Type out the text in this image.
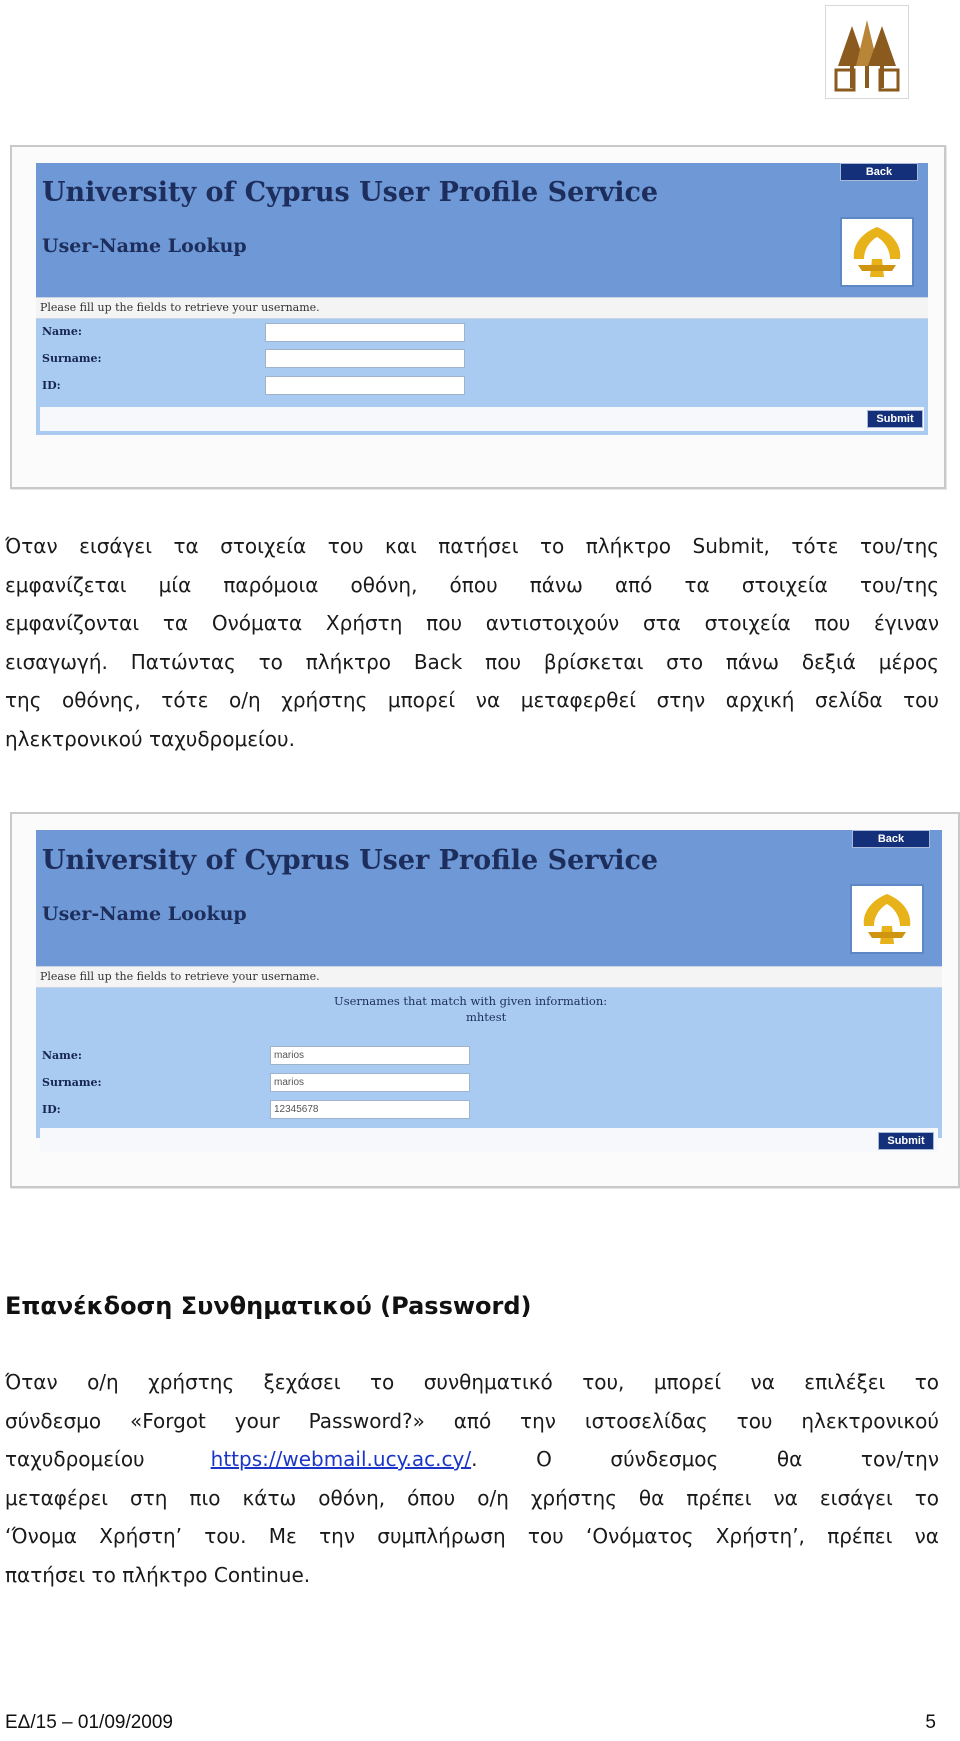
University of Cyprus User Profile Service
User-Name Lookup
Back
Please fill up the fields to retrieve your username.
Name:
Surname:
ID:
Submit
Όταν εισάγει τα στοιχεία του και πατήσει το πλήκτρο Submit, τότε του/της
εμφανίζεται μία παρόμοια οθόνη, όπου πάνω από τα στοιχεία του/της
εμφανίζονται τα Ονόματα Χρήστη που αντιστοιχούν στα στοιχεία που έγιναν
εισαγωγή. Πατώντας το πλήκτρο Back που βρίσκεται στο πάνω δεξιά μέρος
της οθόνης, τότε ο/η χρήστης μπορεί να μεταφερθεί στην αρχική σελίδα του
ηλεκτρονικού ταχυδρομείου.
University of Cyprus User Profile Service
User-Name Lookup
Back
Please fill up the fields to retrieve your username.
Usernames that match with given information:
mhtest
Name:	marios
Surname:	marios
ID:	12345678
Submit
Επανέκδοση Συνθηματικού (Password)
Όταν ο/η χρήστης ξεχάσει το συνθηματικό του, μπορεί να επιλέξει το
σύνδεσμο «Forgot your Password?» από την ιστοσελίδας του ηλεκτρονικού
ταχυδρομείου	https://webmail.ucy.ac.cy/ . Ο σύνδεσμος θα τον/την
μεταφέρει στη πιο κάτω οθόνη, όπου ο/η χρήστης θα πρέπει να εισάγει το
‘Όνομα Χρήστη’ του. Με την συμπλήρωση του ‘Ονόματος Χρήστη’, πρέπει να
πατήσει το πλήκτρο Continue.
ΕΔ/15 – 01/09/2009	5
